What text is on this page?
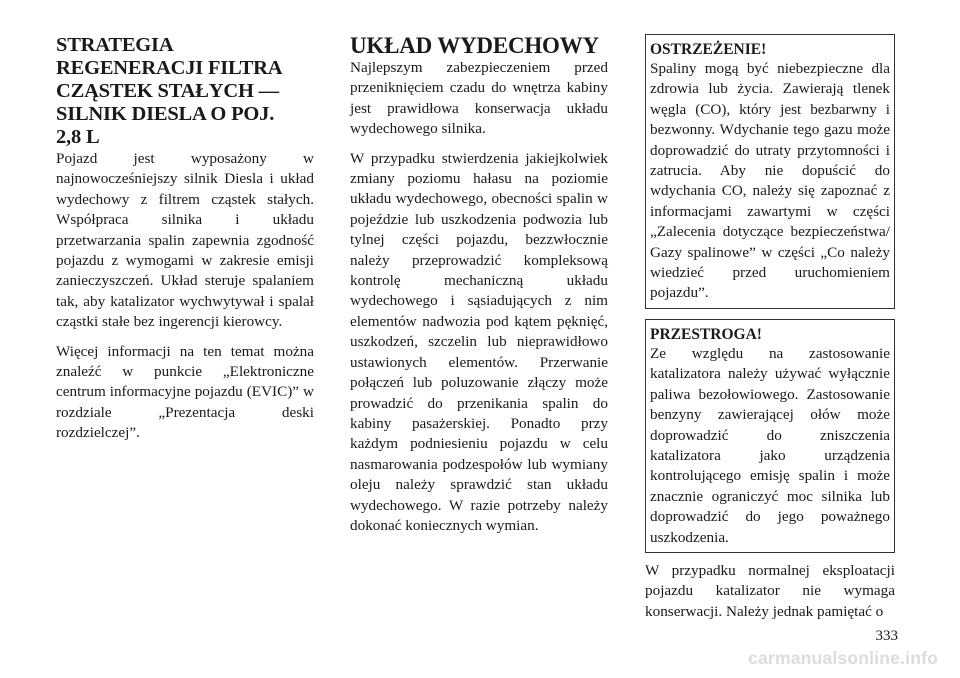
STRATEGIA
REGENERACJI FILTRA
CZĄSTEK STAŁYCH —
SILNIK DIESLA O POJ.
2,8 L

Pojazd jest wyposażony w najnowocześniejszy silnik Diesla i układ wydechowy z filtrem cząstek stałych. Współpraca silnika i układu przetwarzania spalin zapewnia zgodność pojazdu z wymogami w zakresie emisji zanieczyszczeń. Układ steruje spalaniem tak, aby katalizator wychwytywał i spalał cząstki stałe bez ingerencji kierowcy.

Więcej informacji na ten temat można znaleźć w punkcie „Elektroniczne centrum informacyjne pojazdu (EVIC)” w rozdziale „Prezentacja deski rozdzielczej”.

UKŁAD WYDECHOWY

Najlepszym zabezpieczeniem przed przeniknięciem czadu do wnętrza kabiny jest prawidłowa konserwacja układu wydechowego silnika.

W przypadku stwierdzenia jakiejkolwiek zmiany poziomu hałasu na poziomie układu wydechowego, obecności spalin w pojeździe lub uszkodzenia podwozia lub tylnej części pojazdu, bezzwłocznie należy przeprowadzić kompleksową kontrolę mechaniczną układu wydechowego i sąsiadujących z nim elementów nadwozia pod kątem pęknięć, uszkodzeń, szczelin lub nieprawidłowo ustawionych elementów. Przerwanie połączeń lub poluzowanie złączy może prowadzić do przenikania spalin do kabiny pasażerskiej. Ponadto przy każdym podniesieniu pojazdu w celu nasmarowania podzespołów lub wymiany oleju należy sprawdzić stan układu wydechowego. W razie potrzeby należy dokonać koniecznych wymian.

OSTRZEŻENIE!

Spaliny mogą być niebezpieczne dla zdrowia lub życia. Zawierają tlenek węgla (CO), który jest bezbarwny i bezwonny. Wdychanie tego gazu może doprowadzić do utraty przytomności i zatrucia. Aby nie dopuścić do wdychania CO, należy się zapoznać z informacjami zawartymi w części „Zalecenia dotyczące bezpieczeństwa/ Gazy spalinowe” w części „Co należy wiedzieć przed uruchomieniem pojazdu”.

PRZESTROGA!

Ze względu na zastosowanie katalizatora należy używać wyłącznie paliwa bezołowiowego. Zastosowanie benzyny zawierającej ołów może doprowadzić do zniszczenia katalizatora jako urządzenia kontrolującego emisję spalin i może znacznie ograniczyć moc silnika lub doprowadzić do jego poważnego uszkodzenia.

W przypadku normalnej eksploatacji pojazdu katalizator nie wymaga konserwacji. Należy jednak pamiętać o

333
carmanualsonline.info
